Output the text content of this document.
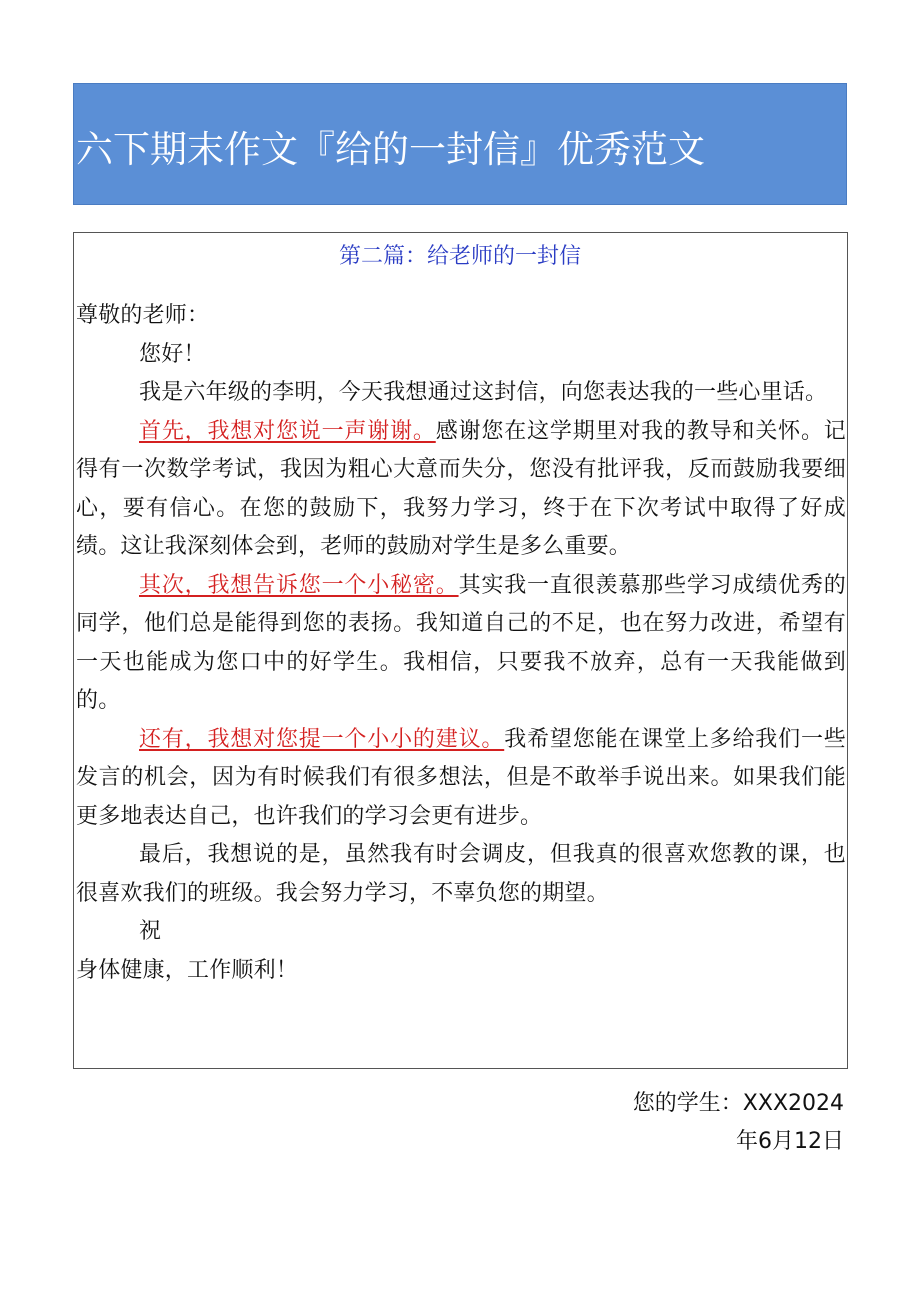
六下期末作文『给的一封信』优秀范文
第二篇：给老师的一封信

尊敬的老师：

您好！

我是六年级的李明，今天我想通过这封信，向您表达我的一些心里话。

首先，我想对您说一声谢谢。感谢您在这学期里对我的教导和关怀。记得有一次数学考试，我因为粗心大意而失分，您没有批评我，反而鼓励我要细心，要有信心。在您的鼓励下，我努力学习，终于在下次考试中取得了好成绩。这让我深刻体会到，老师的鼓励对学生是多么重要。

其次，我想告诉您一个小秘密。其实我一直很羡慕那些学习成绩优秀的同学，他们总是能得到您的表扬。我知道自己的不足，也在努力改进，希望有一天也能成为您口中的好学生。我相信，只要我不放弃，总有一天我能做到的。

还有，我想对您提一个小小的建议。我希望您能在课堂上多给我们一些发言的机会，因为有时候我们有很多想法，但是不敢举手说出来。如果我们能更多地表达自己，也许我们的学习会更有进步。

最后，我想说的是，虽然我有时会调皮，但我真的很喜欢您教的课，也很喜欢我们的班级。我会努力学习，不辜负您的期望。

祝

身体健康，工作顺利！

您的学生：XXX2024
年6月12日
